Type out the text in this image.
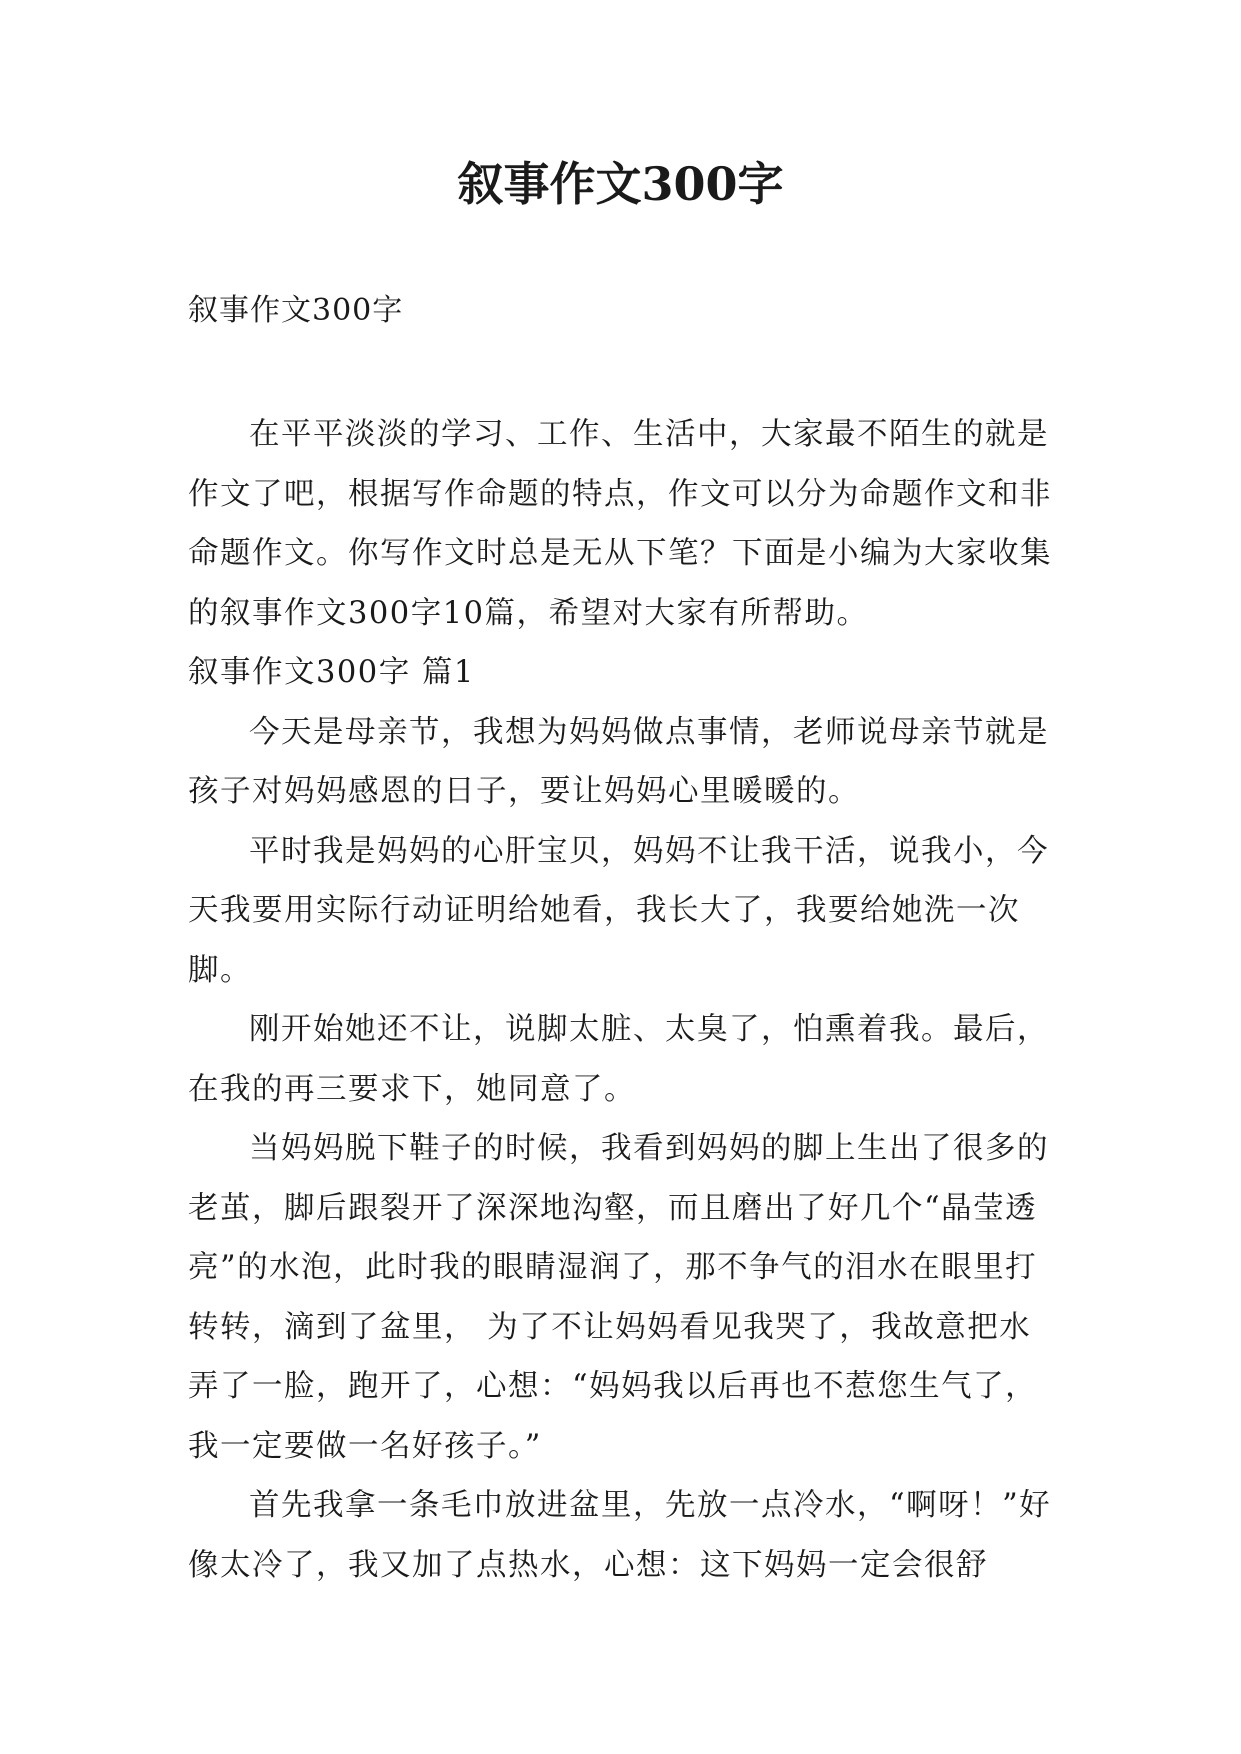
叙事作文300字
叙事作文300字

在平平淡淡的学习、工作、生活中，大家最不陌生的就是作文了吧，根据写作命题的特点，作文可以分为命题作文和非命题作文。你写作文时总是无从下笔？下面是小编为大家收集的叙事作文300字10篇，希望对大家有所帮助。

叙事作文300字 篇1

今天是母亲节，我想为妈妈做点事情，老师说母亲节就是孩子对妈妈感恩的日子，要让妈妈心里暖暖的。

平时我是妈妈的心肝宝贝，妈妈不让我干活，说我小，今天我要用实际行动证明给她看，我长大了，我要给她洗一次脚。

刚开始她还不让，说脚太脏、太臭了，怕熏着我。最后，在我的再三要求下，她同意了。

当妈妈脱下鞋子的时候，我看到妈妈的脚上生出了很多的老茧，脚后跟裂开了深深地沟壑，而且磨出了好几个“晶莹透亮”的水泡，此时我的眼睛湿润了，那不争气的泪水在眼里打转转，滴到了盆里， 为了不让妈妈看见我哭了，我故意把水弄了一脸，跑开了，心想：“妈妈我以后再也不惹您生气了，我一定要做一名好孩子。”

首先我拿一条毛巾放进盆里，先放一点冷水，“啊呀！”好像太冷了，我又加了点热水，心想：这下妈妈一定会很舒
